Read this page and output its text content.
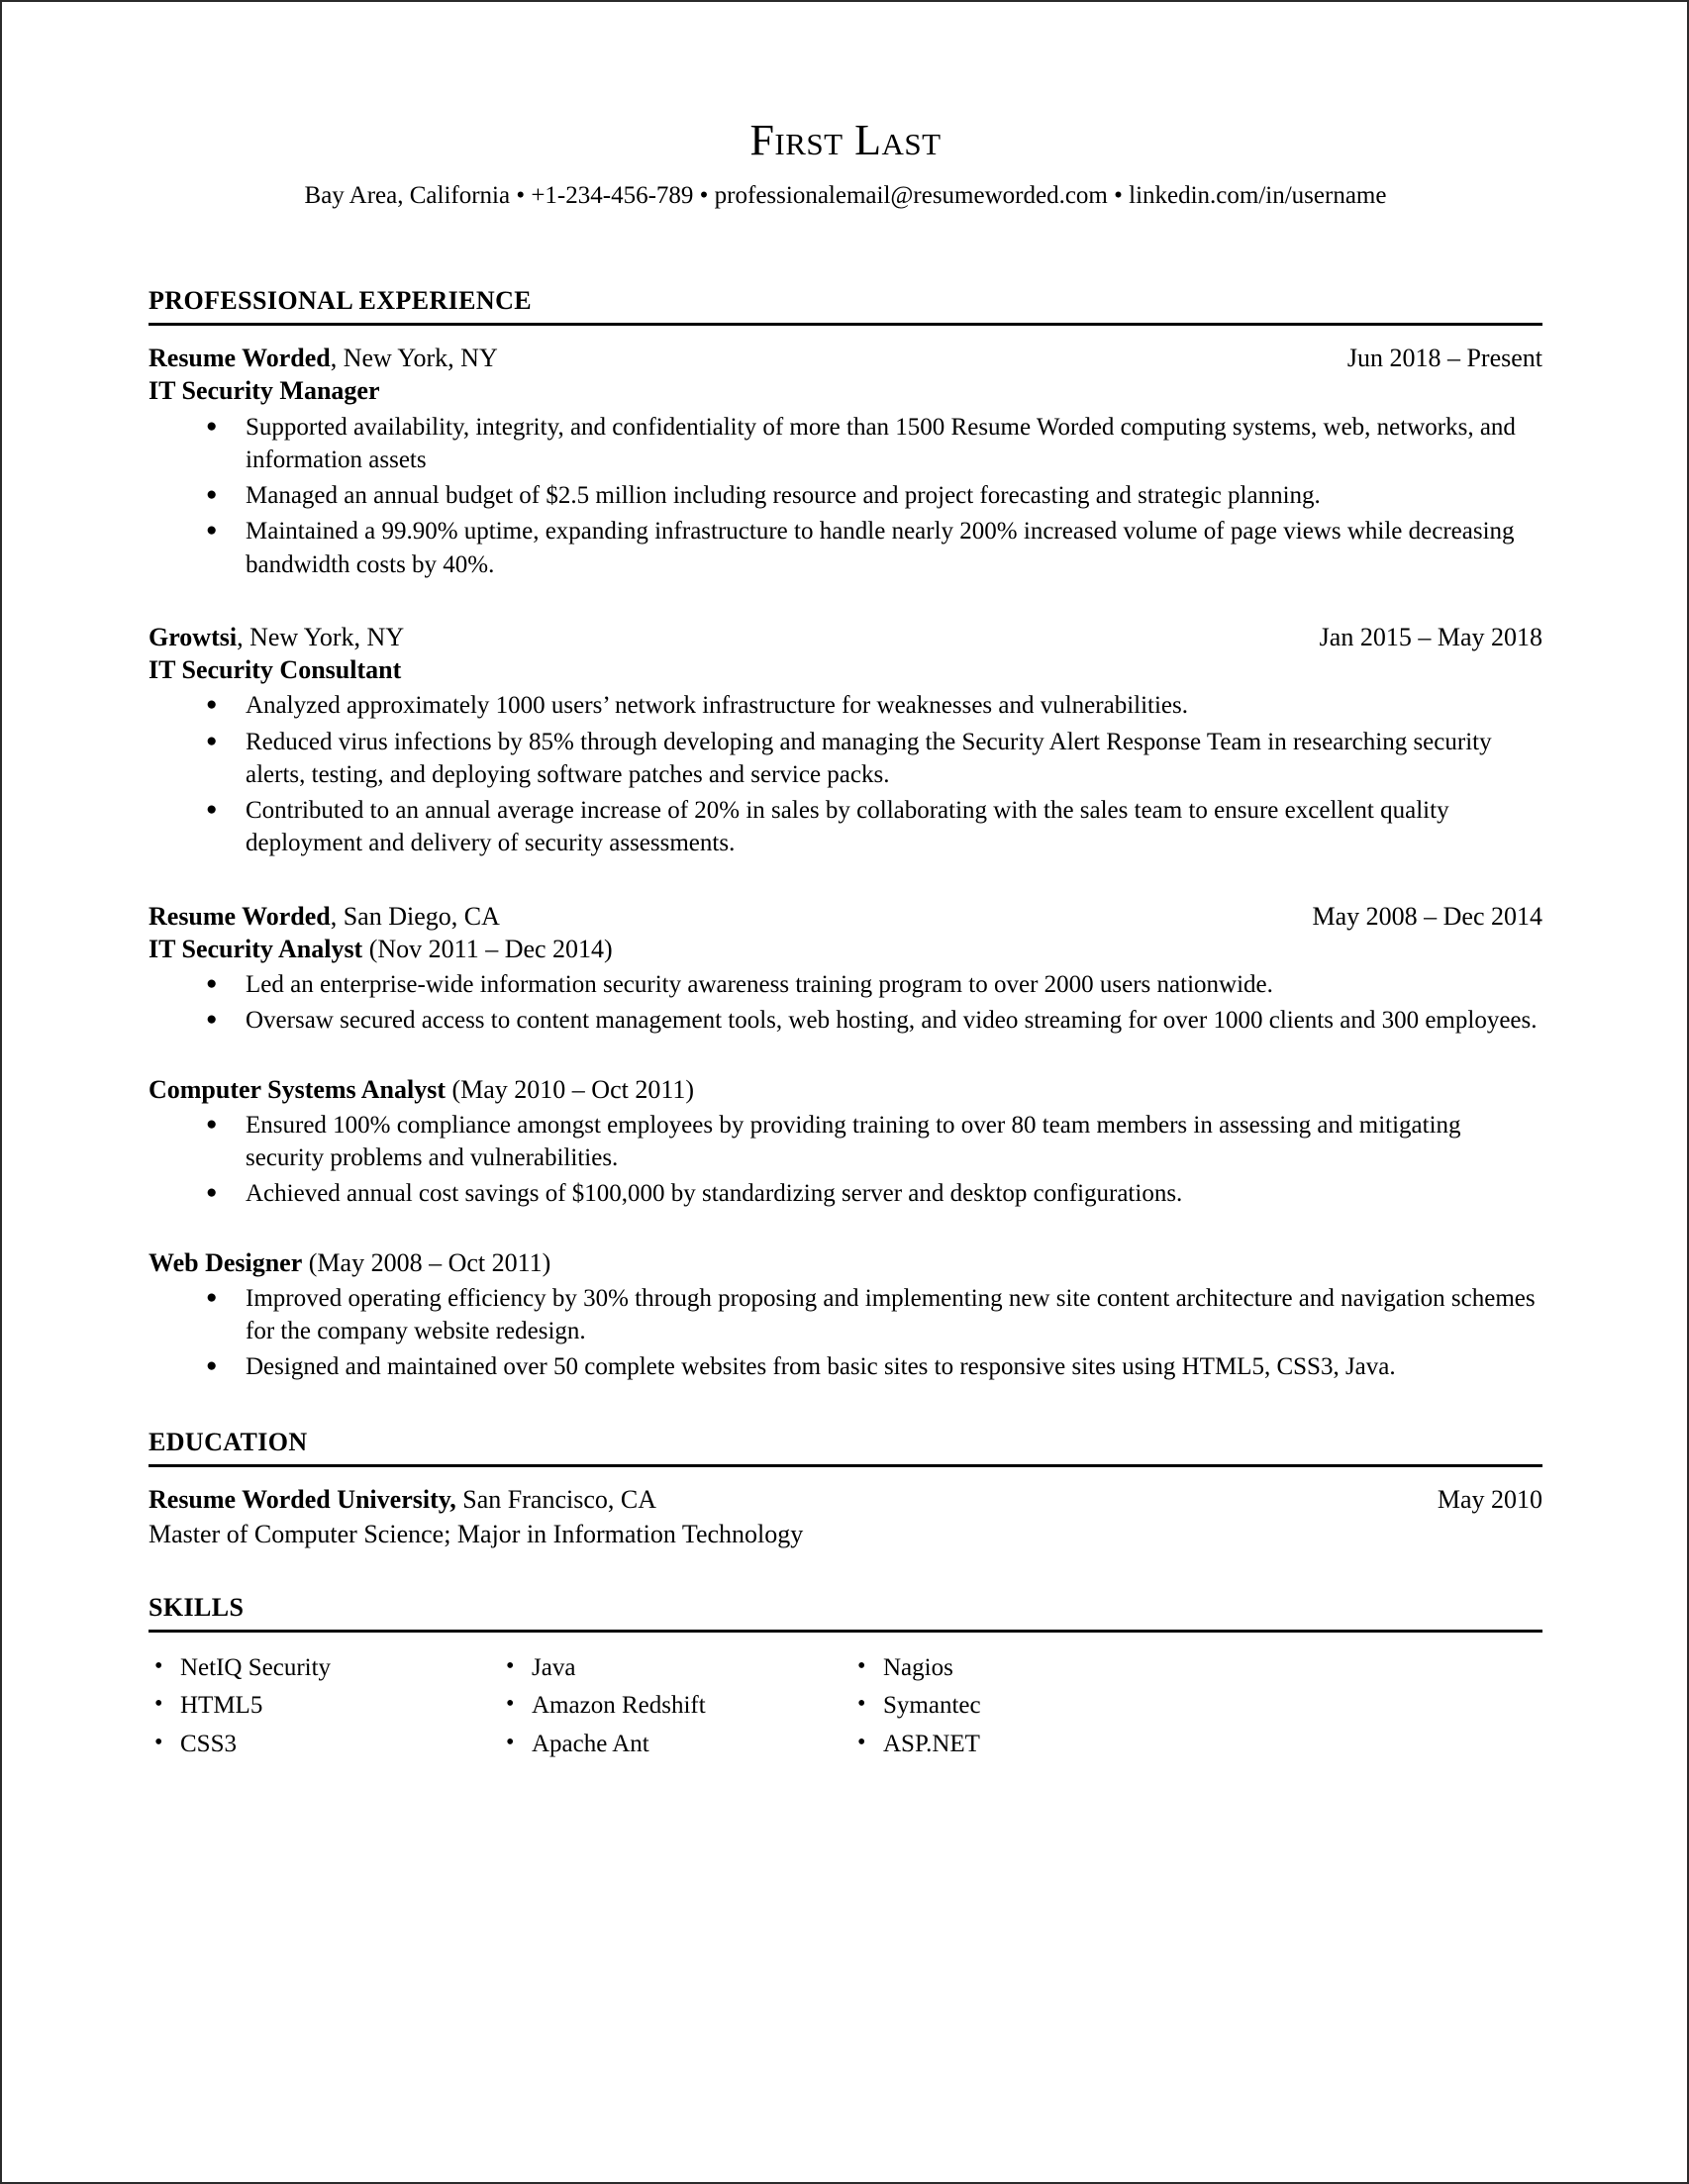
First Last
Bay Area, California • +1-234-456-789 • professionalemail@resumeworded.com • linkedin.com/in/username
PROFESSIONAL EXPERIENCE
Resume Worded, New York, NY	Jun 2018 – Present
IT Security Manager
● Supported availability, integrity, and confidentiality of more than 1500 Resume Worded computing systems, web, networks, and information assets
● Managed an annual budget of $2.5 million including resource and project forecasting and strategic planning.
● Maintained a 99.90% uptime, expanding infrastructure to handle nearly 200% increased volume of page views while decreasing bandwidth costs by 40%.
Growtsi, New York, NY	Jan 2015 – May 2018
IT Security Consultant
● Analyzed approximately 1000 users’ network infrastructure for weaknesses and vulnerabilities.
● Reduced virus infections by 85% through developing and managing the Security Alert Response Team in researching security alerts, testing, and deploying software patches and service packs.
● Contributed to an annual average increase of 20% in sales by collaborating with the sales team to ensure excellent quality deployment and delivery of security assessments.
Resume Worded, San Diego, CA	May 2008 – Dec 2014
IT Security Analyst (Nov 2011 – Dec 2014)
● Led an enterprise-wide information security awareness training program to over 2000 users nationwide.
● Oversaw secured access to content management tools, web hosting, and video streaming for over 1000 clients and 300 employees.
Computer Systems Analyst (May 2010 – Oct 2011)
● Ensured 100% compliance amongst employees by providing training to over 80 team members in assessing and mitigating security problems and vulnerabilities.
● Achieved annual cost savings of $100,000 by standardizing server and desktop configurations.
Web Designer (May 2008 – Oct 2011)
● Improved operating efficiency by 30% through proposing and implementing new site content architecture and navigation schemes for the company website redesign.
● Designed and maintained over 50 complete websites from basic sites to responsive sites using HTML5, CSS3, Java.
EDUCATION
Resume Worded University, San Francisco, CA	May 2010
Master of Computer Science; Major in Information Technology
SKILLS
• NetIQ Security	• Java	• Nagios
• HTML5	• Amazon Redshift	• Symantec
• CSS3	• Apache Ant	• ASP.NET
